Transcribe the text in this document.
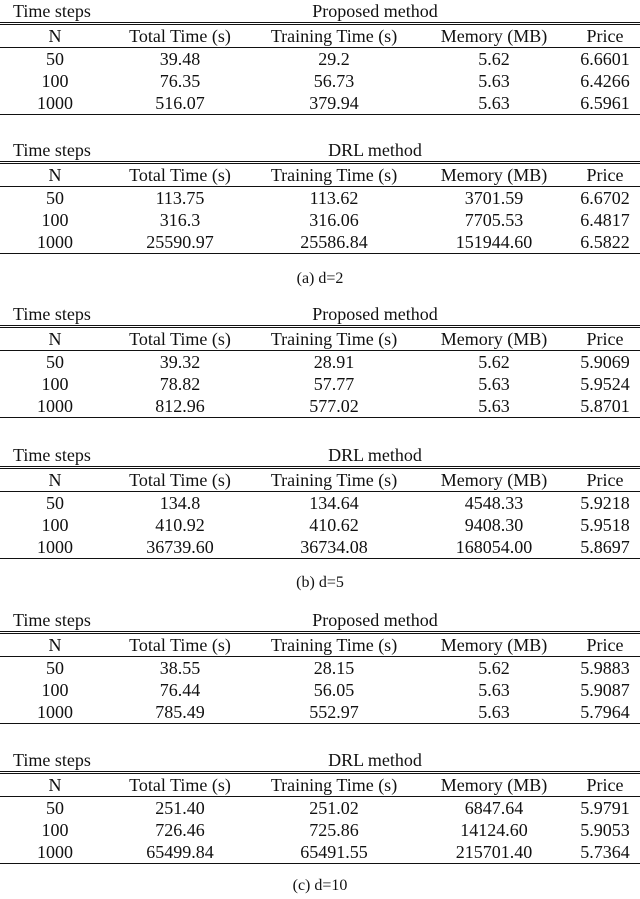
Time steps	Proposed method			
N	Total Time (s)	Training Time (s)	Memory (MB)	Price
50	39.48	29.2	5.62	6.6601
100	76.35	56.73	5.63	6.4266
1000	516.07	379.94	5.63	6.5961
Time steps	DRL method			
N	Total Time (s)	Training Time (s)	Memory (MB)	Price
50	113.75	113.62	3701.59	6.6702
100	316.3	316.06	7705.53	6.4817
1000	25590.97	25586.84	151944.60	6.5822
(a) d=2
Time steps	Proposed method			
N	Total Time (s)	Training Time (s)	Memory (MB)	Price
50	39.32	28.91	5.62	5.9069
100	78.82	57.77	5.63	5.9524
1000	812.96	577.02	5.63	5.8701
Time steps	DRL method			
N	Total Time (s)	Training Time (s)	Memory (MB)	Price
50	134.8	134.64	4548.33	5.9218
100	410.92	410.62	9408.30	5.9518
1000	36739.60	36734.08	168054.00	5.8697
(b) d=5
Time steps	Proposed method			
N	Total Time (s)	Training Time (s)	Memory (MB)	Price
50	38.55	28.15	5.62	5.9883
100	76.44	56.05	5.63	5.9087
1000	785.49	552.97	5.63	5.7964
Time steps	DRL method			
N	Total Time (s)	Training Time (s)	Memory (MB)	Price
50	251.40	251.02	6847.64	5.9791
100	726.46	725.86	14124.60	5.9053
1000	65499.84	65491.55	215701.40	5.7364
(c) d=10
